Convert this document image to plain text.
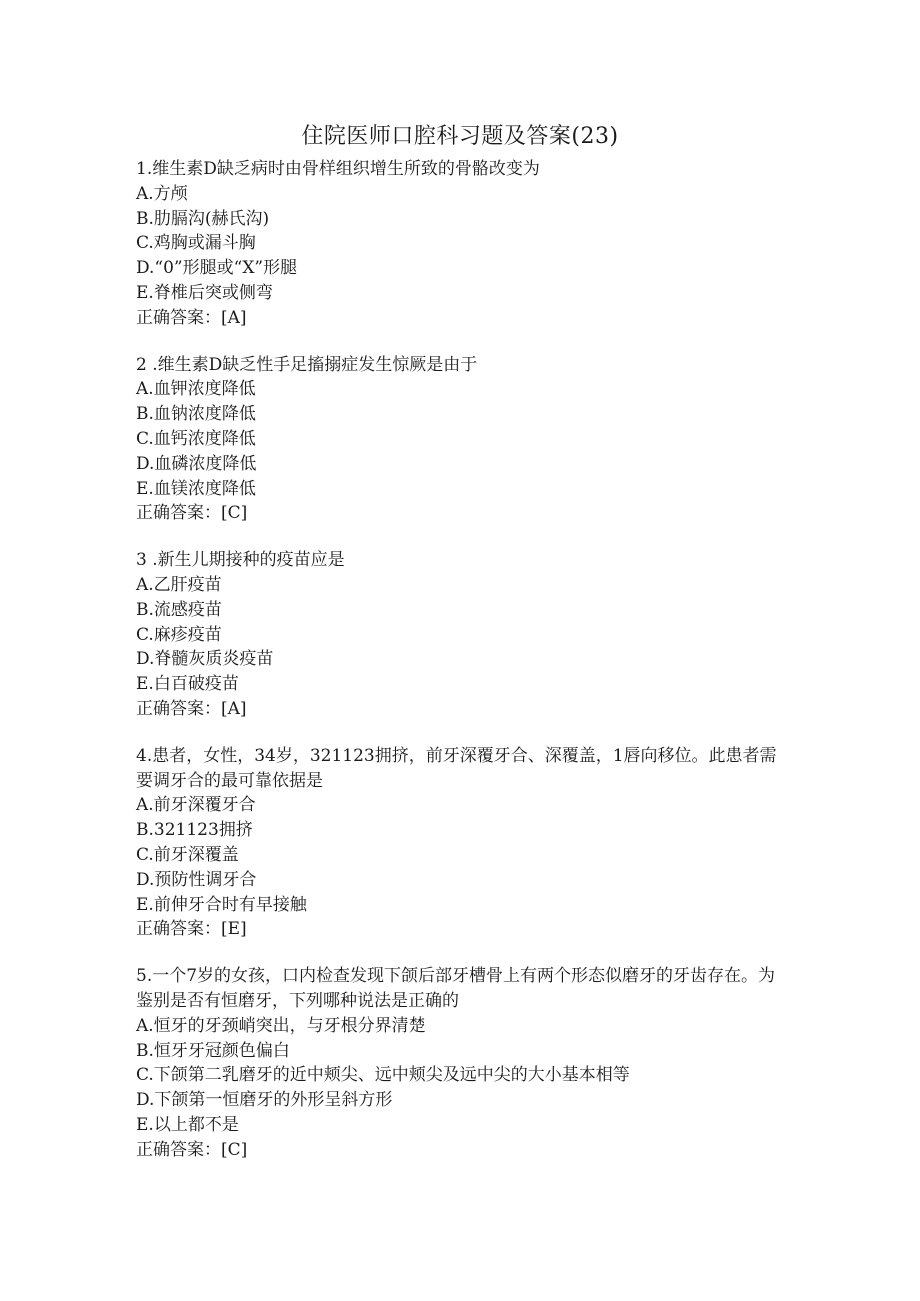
住院医师口腔科习题及答案(23)
1.维生素D缺乏病时由骨样组织增生所致的骨骼改变为
A.方颅
B.肋膈沟(赫氏沟)
C.鸡胸或漏斗胸
D.“0”形腿或“X”形腿
E.脊椎后突或侧弯
正确答案：[A]
2 .维生素D缺乏性手足搐搦症发生惊厥是由于
A.血钾浓度降低
B.血钠浓度降低
C.血钙浓度降低
D.血磷浓度降低
E.血镁浓度降低
正确答案：[C]
3 .新生儿期接种的疫苗应是
A.乙肝疫苗
B.流感疫苗
C.麻疹疫苗
D.脊髓灰质炎疫苗
E.白百破疫苗
正确答案：[A]
4.患者，女性，34岁，321123拥挤，前牙深覆牙合、深覆盖，1唇向移位。此患者需要调牙合的最可靠依据是
A.前牙深覆牙合
B.321123拥挤
C.前牙深覆盖
D.预防性调牙合
E.前伸牙合时有早接触
正确答案：[E]
5.一个7岁的女孩，口内检查发现下颌后部牙槽骨上有两个形态似磨牙的牙齿存在。为鉴别是否有恒磨牙，下列哪种说法是正确的
A.恒牙的牙颈峭突出，与牙根分界清楚
B.恒牙牙冠颜色偏白
C.下颌第二乳磨牙的近中颊尖、远中颊尖及远中尖的大小基本相等
D.下颌第一恒磨牙的外形呈斜方形
E.以上都不是
正确答案：[C]
